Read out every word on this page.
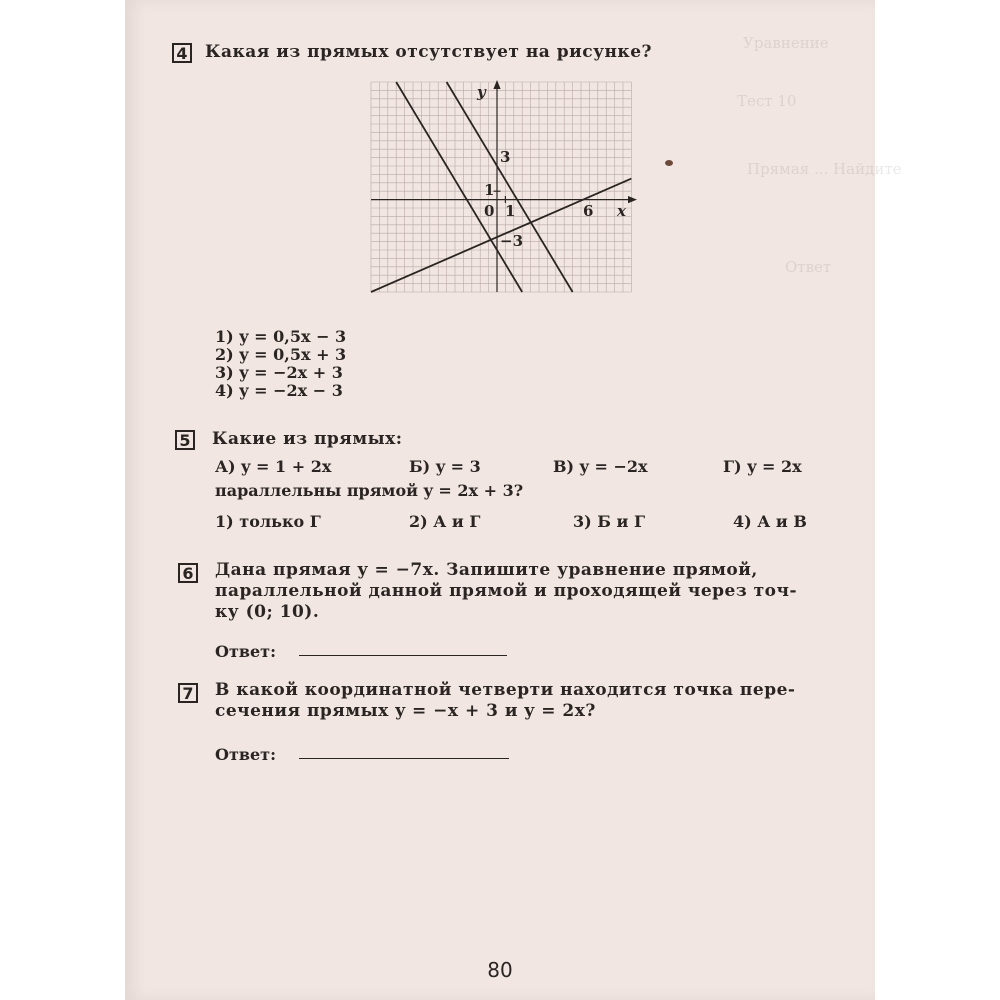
Уравнение
Тест 10
Прямая ... Найдите
Ответ
4 Какая из прямых отсутствует на рисунке?
y
x
0 1
1
6
3
−3
1) y = 0,5x − 3
2) y = 0,5x + 3
3) y = −2x + 3
4) y = −2x − 3
5 Какие из прямых:
А) y = 1 + 2x	Б) y = 3	В) y = −2x	Г) y = 2x
параллельны прямой y = 2x + 3?
1) только Г	2) А и Г	3) Б и Г	4) А и В
6 Дана прямая y = −7x. Запишите уравнение прямой,
параллельной данной прямой и проходящей через точ-
ку (0; 10).
Ответ:
7 В какой координатной четверти находится точка пере-
сечения прямых y = −x + 3 и y = 2x?
Ответ:
80
